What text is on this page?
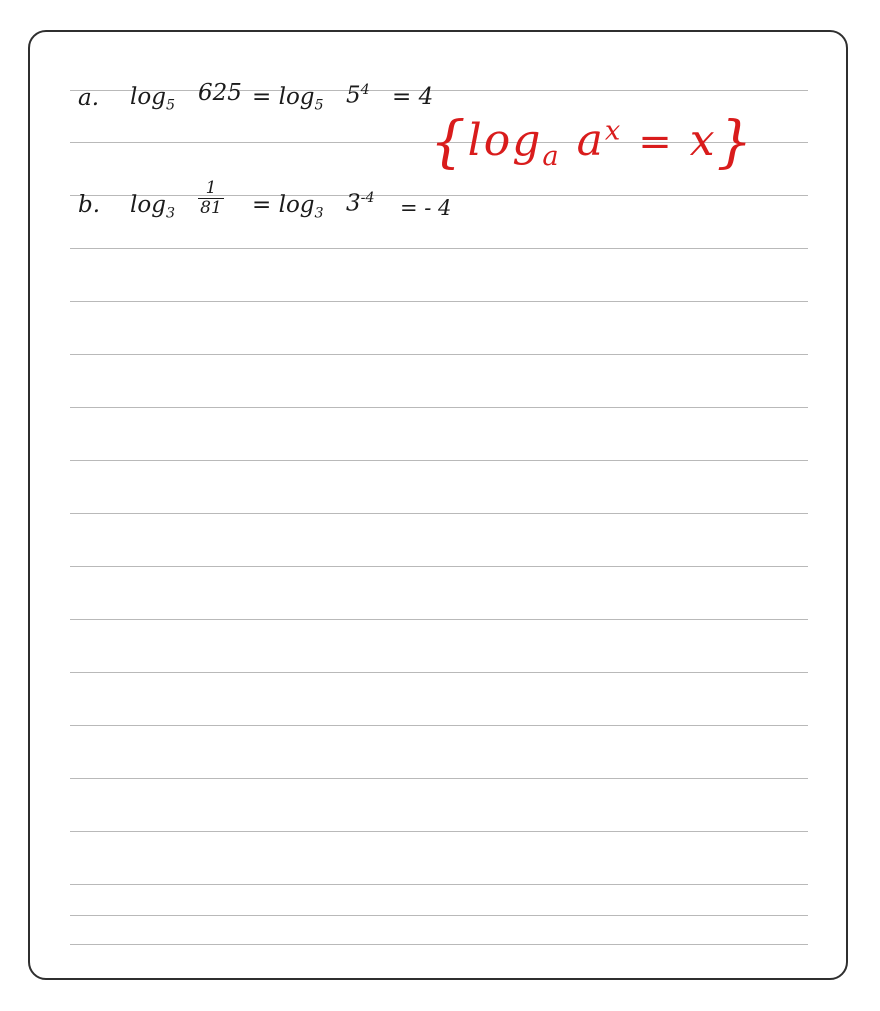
a. $\log_5 625 = \log_5 5^4 = 4$
b. $\log_3$
1
$81 = \log_3 3^{-4}$ = - 4
{$\log_a$ $a^x = x$}
